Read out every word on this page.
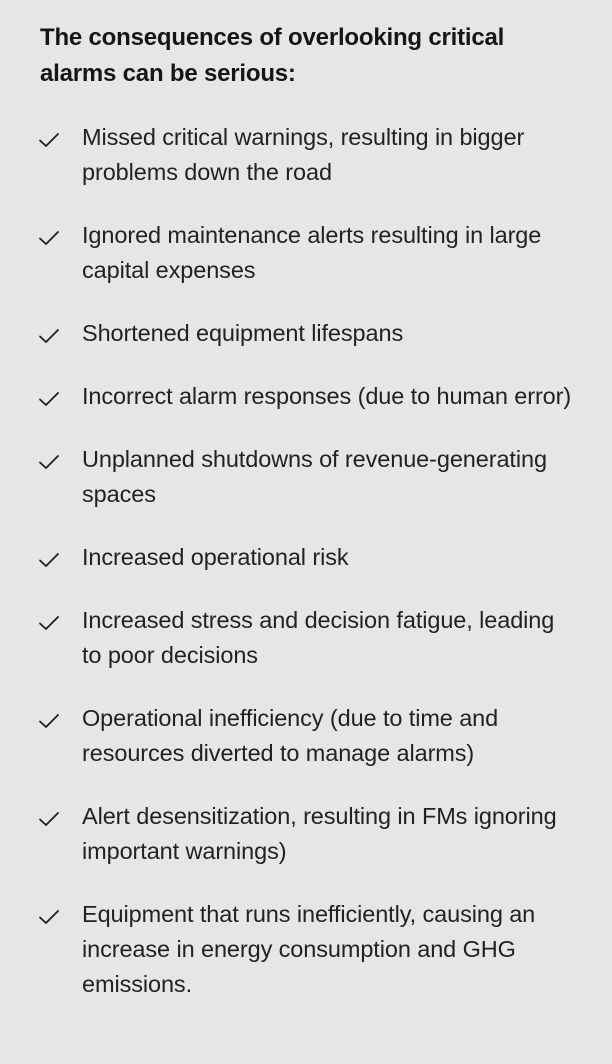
The consequences of overlooking critical alarms can be serious:
Missed critical warnings, resulting in bigger problems down the road
Ignored maintenance alerts resulting in large capital expenses
Shortened equipment lifespans
Incorrect alarm responses (due to human error)
Unplanned shutdowns of revenue-generating spaces
Increased operational risk
Increased stress and decision fatigue, leading to poor decisions
Operational inefficiency (due to time and resources diverted to manage alarms)
Alert desensitization, resulting in FMs ignoring important warnings)
Equipment that runs inefficiently, causing an increase in energy consumption and GHG emissions.
